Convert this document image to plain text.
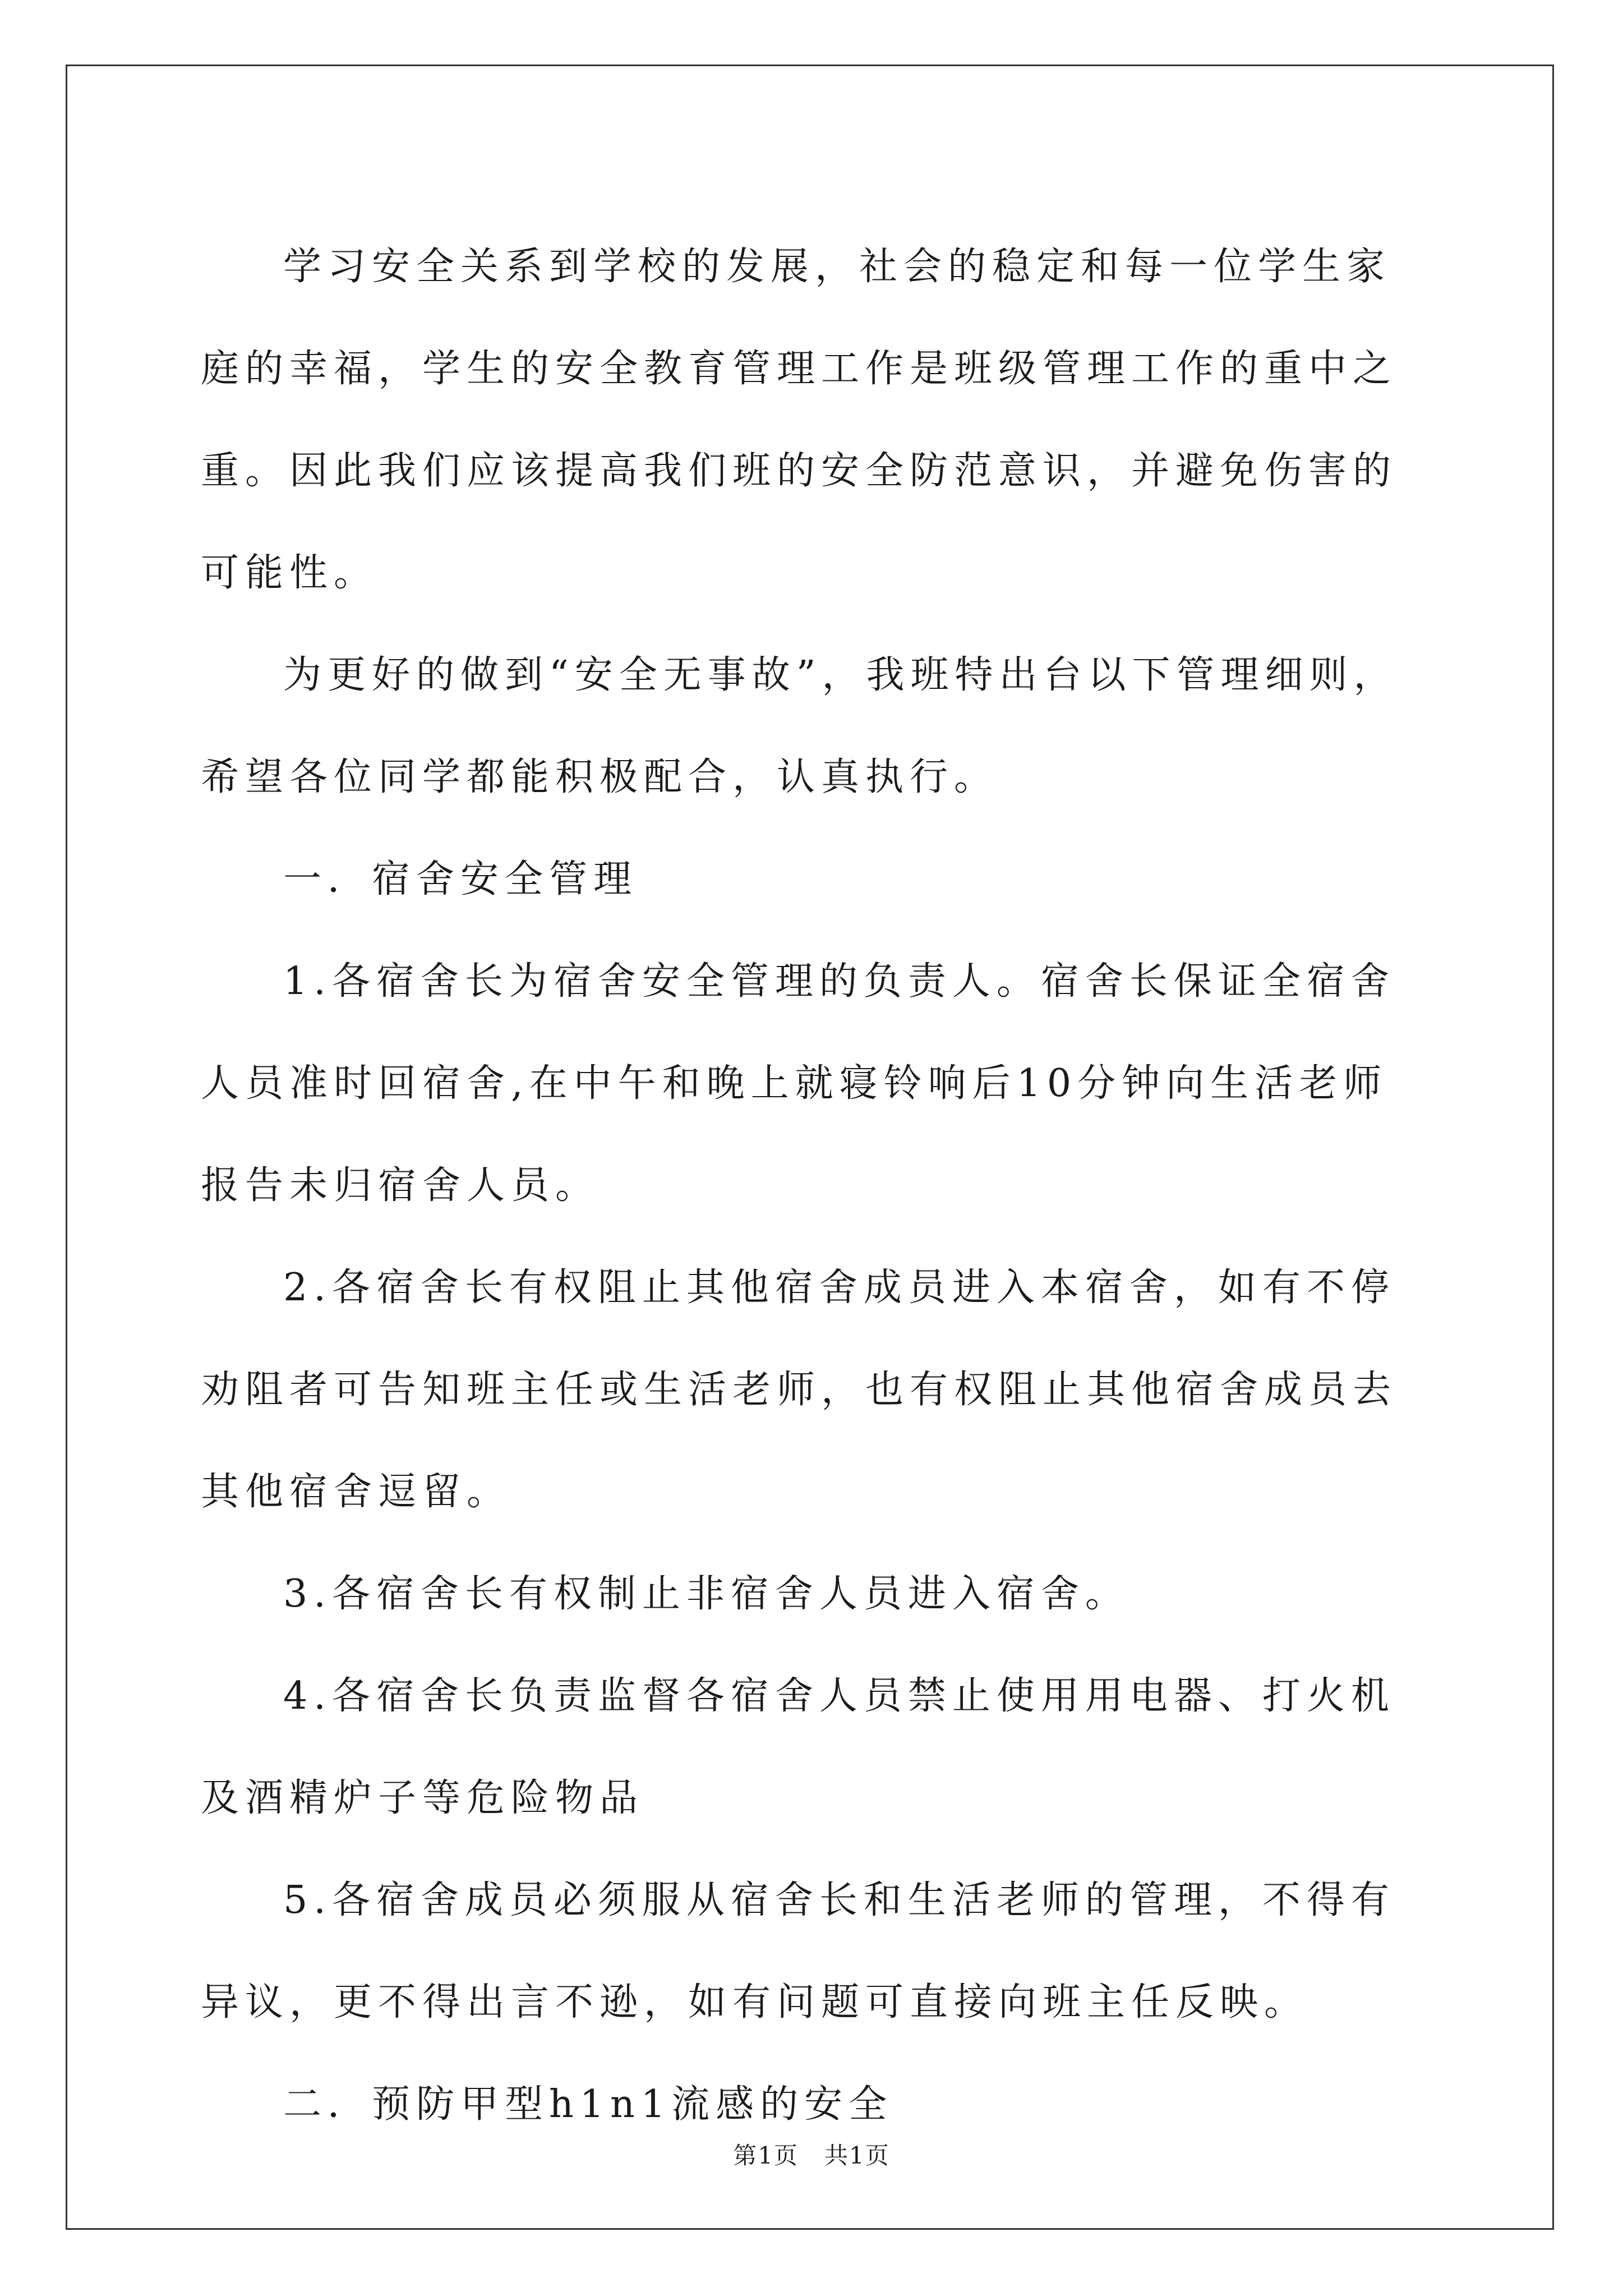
学习安全关系到学校的发展，社会的稳定和每一位学生家庭的幸福，学生的安全教育管理工作是班级管理工作的重中之重。因此我们应该提高我们班的安全防范意识，并避免伤害的可能性。

为更好的做到“安全无事故”，我班特出台以下管理细则，希望各位同学都能积极配合，认真执行。

一．宿舍安全管理

1.各宿舍长为宿舍安全管理的负责人。宿舍长保证全宿舍人员准时回宿舍,在中午和晚上就寝铃响后10分钟向生活老师报告未归宿舍人员。

2.各宿舍长有权阻止其他宿舍成员进入本宿舍，如有不停劝阻者可告知班主任或生活老师，也有权阻止其他宿舍成员去其他宿舍逗留。

3.各宿舍长有权制止非宿舍人员进入宿舍。

4.各宿舍长负责监督各宿舍人员禁止使用用电器、打火机及酒精炉子等危险物品

5.各宿舍成员必须服从宿舍长和生活老师的管理，不得有异议，更不得出言不逊，如有问题可直接向班主任反映。

二．预防甲型h1n1流感的安全

第1页   共1页
